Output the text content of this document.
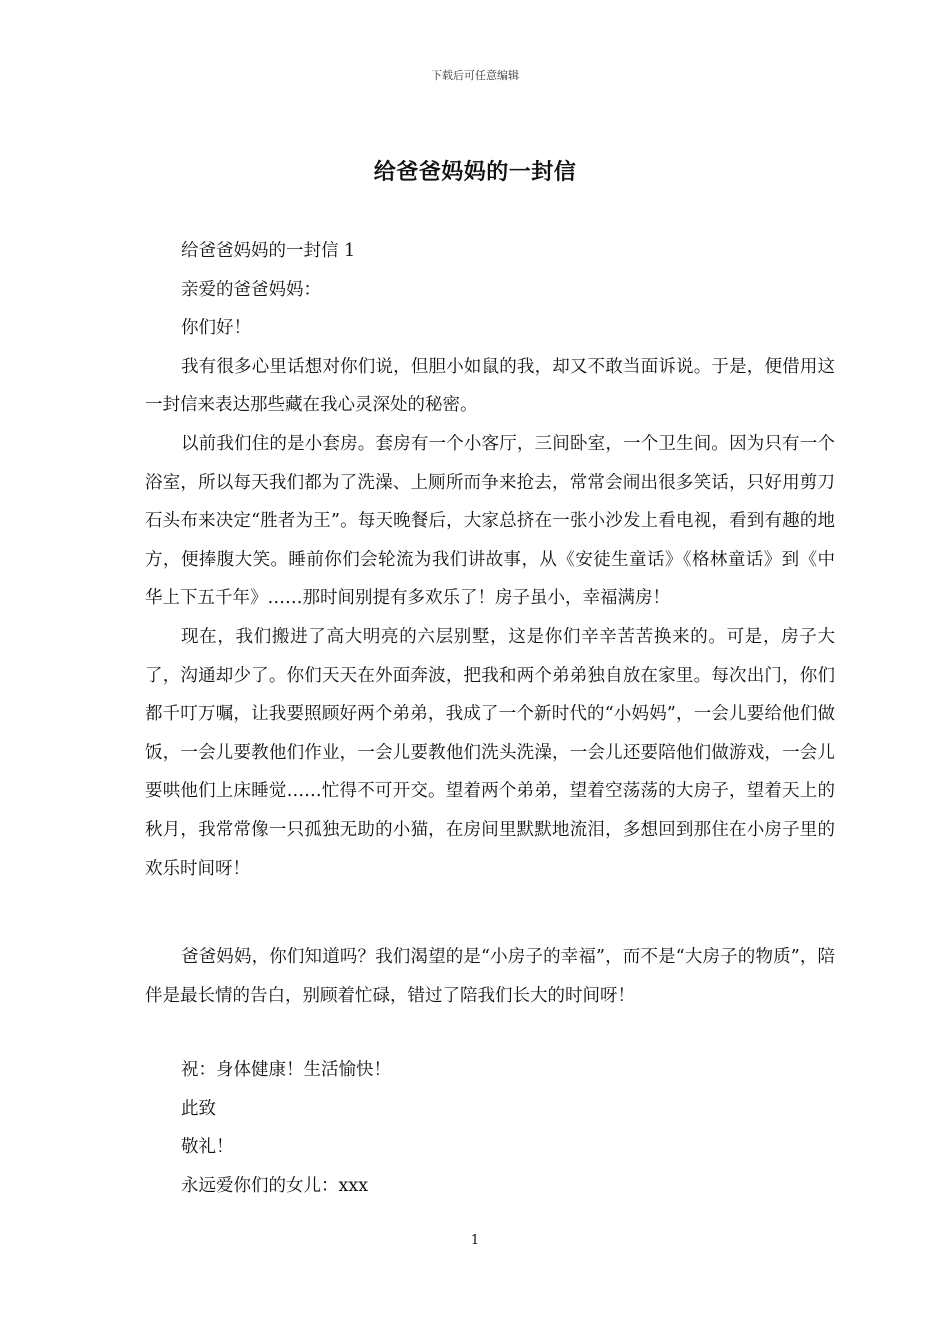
下载后可任意编辑
给爸爸妈妈的一封信
给爸爸妈妈的一封信 1
亲爱的爸爸妈妈：
你们好！
我有很多心里话想对你们说，但胆小如鼠的我，却又不敢当面诉说。于是，便借用这一封信来表达那些藏在我心灵深处的秘密。
以前我们住的是小套房。套房有一个小客厅，三间卧室，一个卫生间。因为只有一个浴室，所以每天我们都为了洗澡、上厕所而争来抢去，常常会闹出很多笑话，只好用剪刀石头布来决定“胜者为王”。每天晚餐后，大家总挤在一张小沙发上看电视，看到有趣的地方，便捧腹大笑。睡前你们会轮流为我们讲故事，从《安徒生童话》《格林童话》到《中华上下五千年》……那时间别提有多欢乐了！房子虽小，幸福满房！
现在，我们搬进了高大明亮的六层别墅，这是你们辛辛苦苦换来的。可是，房子大了，沟通却少了。你们天天在外面奔波，把我和两个弟弟独自放在家里。每次出门，你们都千叮万嘱，让我要照顾好两个弟弟，我成了一个新时代的“小妈妈”，一会儿要给他们做饭，一会儿要教他们作业，一会儿要教他们洗头洗澡，一会儿还要陪他们做游戏，一会儿要哄他们上床睡觉……忙得不可开交。望着两个弟弟，望着空荡荡的大房子，望着天上的秋月，我常常像一只孤独无助的小猫，在房间里默默地流泪，多想回到那住在小房子里的欢乐时间呀！
爸爸妈妈，你们知道吗？我们渴望的是“小房子的幸福”，而不是“大房子的物质”，陪伴是最长情的告白，别顾着忙碌，错过了陪我们长大的时间呀！
祝：身体健康！生活愉快！
此致
敬礼！
永远爱你们的女儿：xxx
1
